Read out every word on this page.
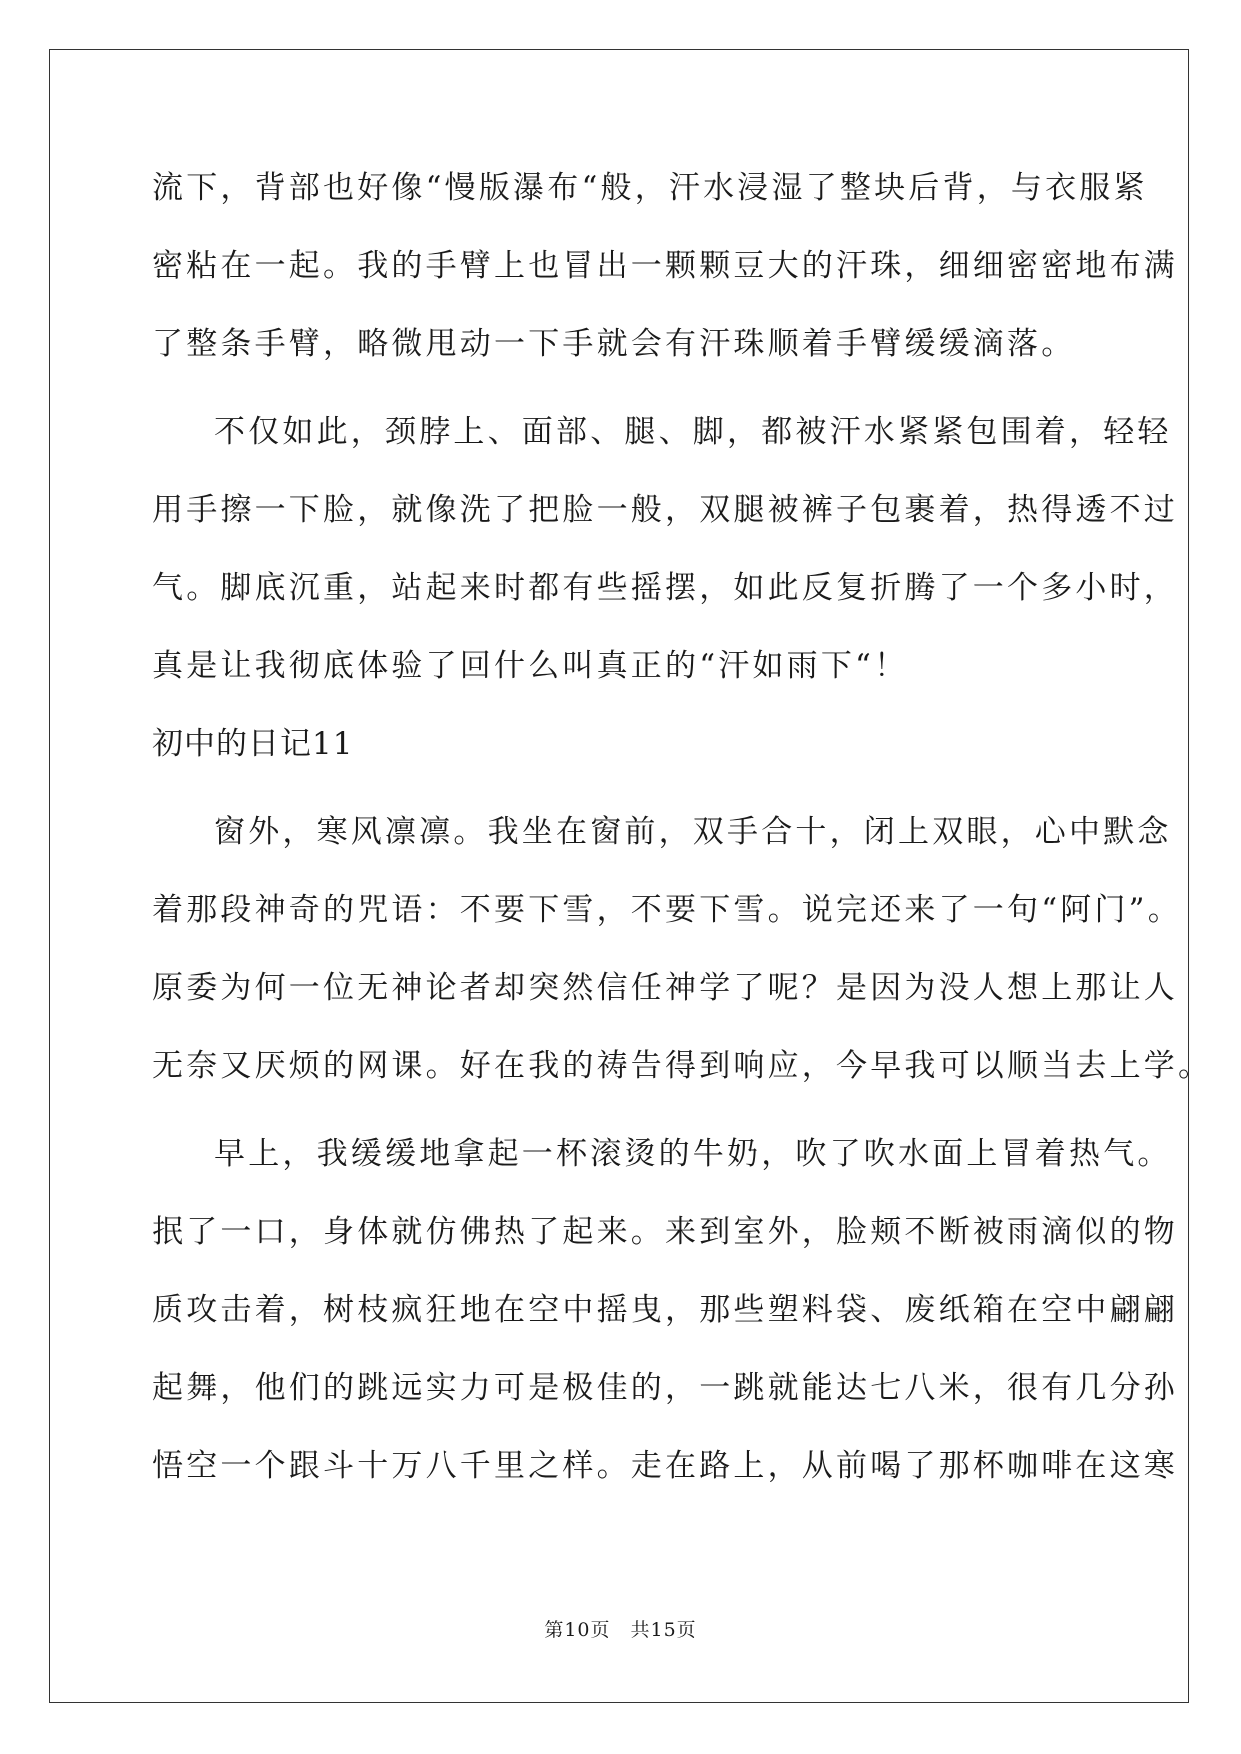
流下，背部也好像“慢版瀑布“般，汗水浸湿了整块后背，与衣服紧
密粘在一起。我的手臂上也冒出一颗颗豆大的汗珠，细细密密地布满
了整条手臂，略微甩动一下手就会有汗珠顺着手臂缓缓滴落。
不仅如此，颈脖上、面部、腿、脚，都被汗水紧紧包围着，轻轻
用手擦一下脸，就像洗了把脸一般，双腿被裤子包裹着，热得透不过
气。脚底沉重，站起来时都有些摇摆，如此反复折腾了一个多小时，
真是让我彻底体验了回什么叫真正的“汗如雨下“！
初中的日记11
窗外，寒风凛凛。我坐在窗前，双手合十，闭上双眼，心中默念
着那段神奇的咒语：不要下雪，不要下雪。说完还来了一句“阿门”。
原委为何一位无神论者却突然信任神学了呢？是因为没人想上那让人
无奈又厌烦的网课。好在我的祷告得到响应，今早我可以顺当去上学。
早上，我缓缓地拿起一杯滚烫的牛奶，吹了吹水面上冒着热气。
抿了一口，身体就仿佛热了起来。来到室外，脸颊不断被雨滴似的物
质攻击着，树枝疯狂地在空中摇曳，那些塑料袋、废纸箱在空中翩翩
起舞，他们的跳远实力可是极佳的，一跳就能达七八米，很有几分孙
悟空一个跟斗十万八千里之样。走在路上，从前喝了那杯咖啡在这寒
第10页　共15页
